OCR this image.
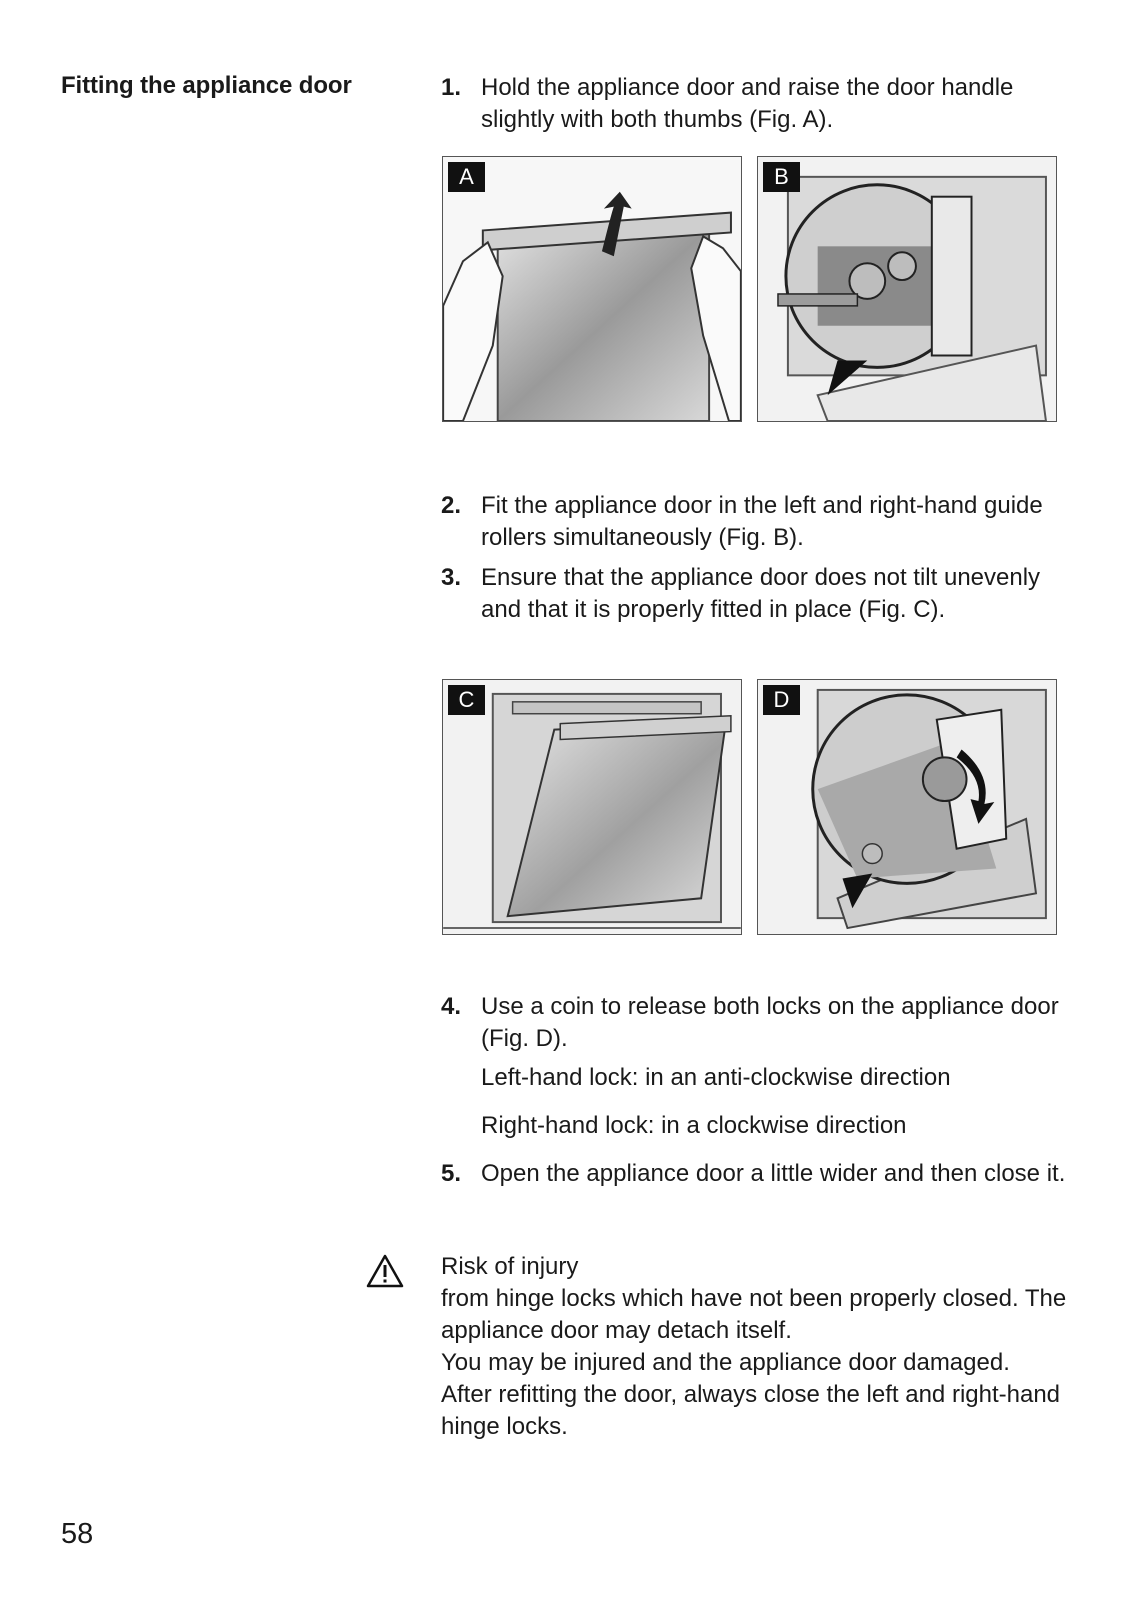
Fitting the appliance door	1. Hold the appliance door and raise the door handle slightly with both thumbs (Fig. A).
A	B
2. Fit the appliance door in the left and right-hand guide rollers simultaneously (Fig. B).
3. Ensure that the appliance door does not tilt unevenly and that it is properly fitted in place (Fig. C).
C	D
4. Use a coin to release both locks on the appliance door (Fig. D).
Left-hand lock: in an anti-clockwise direction
Right-hand lock: in a clockwise direction
5. Open the appliance door a little wider and then close it.

Risk of injury

from hinge locks which have not been properly closed. The appliance door may detach itself.

You may be injured and the appliance door damaged.

After refitting the door, always close the left and right-hand hinge locks.

58
